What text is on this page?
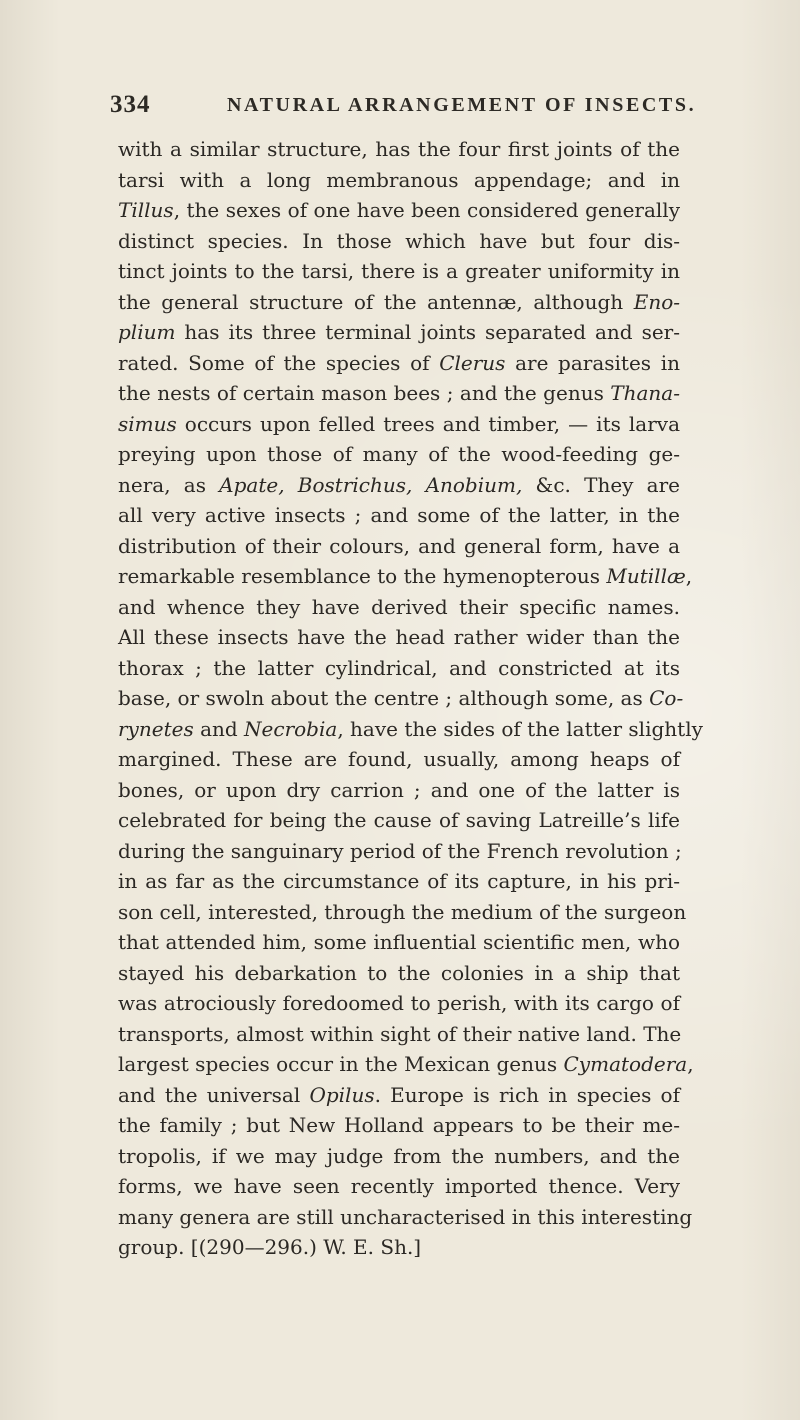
334	NATURAL ARRANGEMENT OF INSECTS.
with a similar structure, has the four first joints of the
tarsi with a long membranous appendage; and in
Tillus, the sexes of one have been considered generally
distinct species. In those which have but four dis-
tinct joints to the tarsi, there is a greater uniformity in
the general structure of the antennæ, although Eno-
plium has its three terminal joints separated and ser-
rated. Some of the species of Clerus are parasites in
the nests of certain mason bees ; and the genus Thana-
simus occurs upon felled trees and timber, — its larva
preying upon those of many of the wood-feeding ge-
nera, as Apate, Bostrichus, Anobium, &c. They are
all very active insects ; and some of the latter, in the
distribution of their colours, and general form, have a
remarkable resemblance to the hymenopterous Mutillæ,
and whence they have derived their specific names.
All these insects have the head rather wider than the
thorax ; the latter cylindrical, and constricted at its
base, or swoln about the centre ; although some, as Co-
rynetes and Necrobia, have the sides of the latter slightly
margined. These are found, usually, among heaps of
bones, or upon dry carrion ; and one of the latter is
celebrated for being the cause of saving Latreille’s life
during the sanguinary period of the French revolution ;
in as far as the circumstance of its capture, in his pri-
son cell, interested, through the medium of the surgeon
that attended him, some influential scientific men, who
stayed his debarkation to the colonies in a ship that
was atrociously foredoomed to perish, with its cargo of
transports, almost within sight of their native land. The
largest species occur in the Mexican genus Cymatodera,
and the universal Opilus. Europe is rich in species of
the family ; but New Holland appears to be their me-
tropolis, if we may judge from the numbers, and the
forms, we have seen recently imported thence. Very
many genera are still uncharacterised in this interesting
group. [(290—296.) W. E. Sh.]
